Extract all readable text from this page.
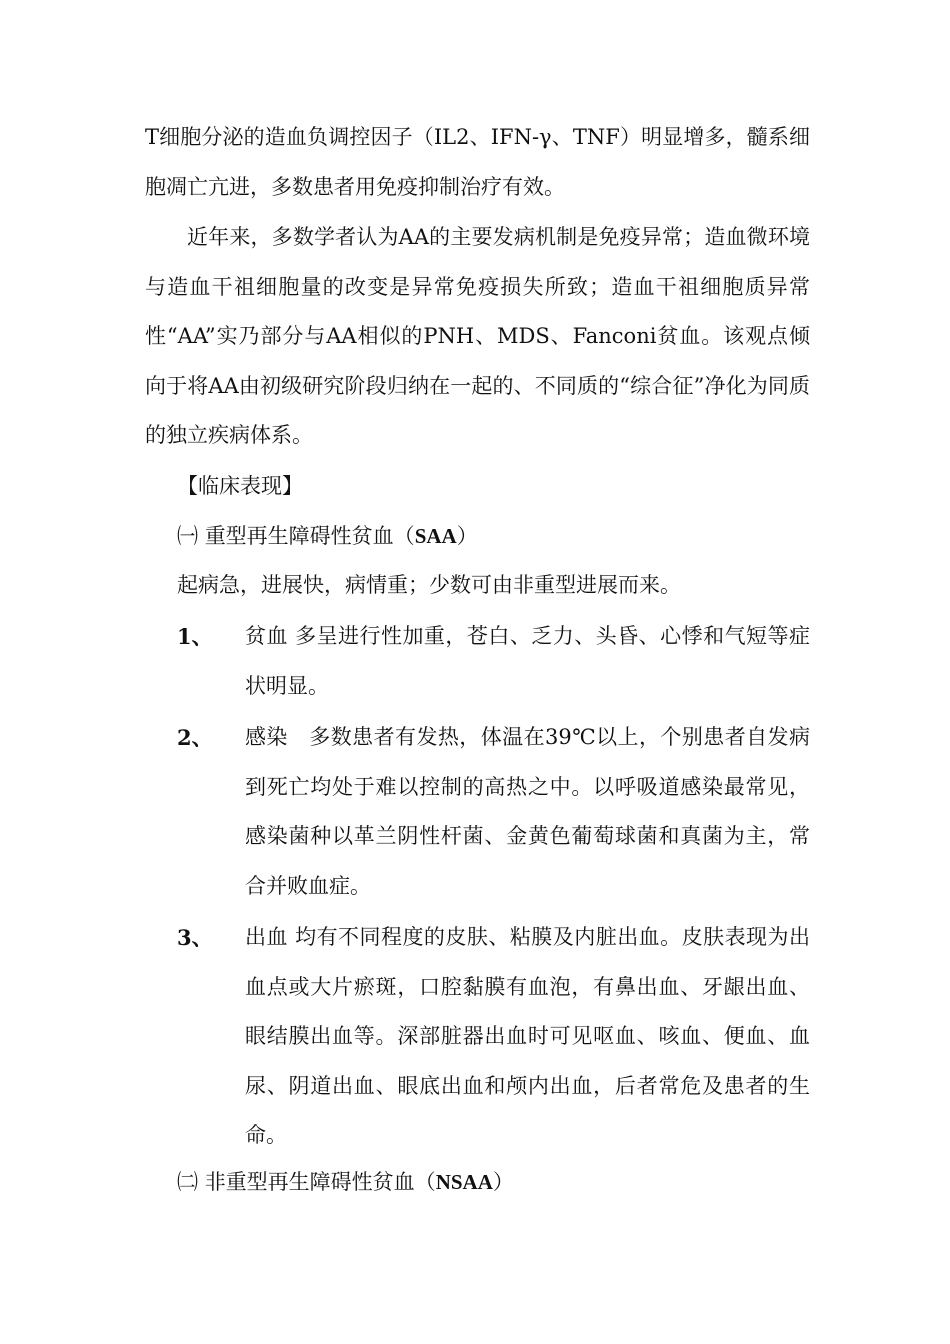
T细胞分泌的造血负调控因子（IL2、IFN-γ、TNF）明显增多，髓系细胞凋亡亢进，多数患者用免疫抑制治疗有效。

近年来，多数学者认为AA的主要发病机制是免疫异常；造血微环境与造血干祖细胞量的改变是异常免疫损失所致；造血干祖细胞质异常性“AA”实乃部分与AA相似的PNH、MDS、Fanconi贫血。该观点倾向于将AA由初级研究阶段归纳在一起的、不同质的“综合征”净化为同质的独立疾病体系。

【临床表现】
㈠ 重型再生障碍性贫血（SAA）
起病急，进展快，病情重；少数可由非重型进展而来。
1、 贫血 多呈进行性加重，苍白、乏力、头昏、心悸和气短等症状明显。
2、 感染　多数患者有发热，体温在39℃以上，个别患者自发病到死亡均处于难以控制的高热之中。以呼吸道感染最常见，感染菌种以革兰阴性杆菌、金黄色葡萄球菌和真菌为主，常合并败血症。
3、 出血 均有不同程度的皮肤、粘膜及内脏出血。皮肤表现为出血点或大片瘀斑，口腔黏膜有血泡，有鼻出血、牙龈出血、眼结膜出血等。深部脏器出血时可见呕血、咳血、便血、血尿、阴道出血、眼底出血和颅内出血，后者常危及患者的生命。
㈡ 非重型再生障碍性贫血（NSAA）
